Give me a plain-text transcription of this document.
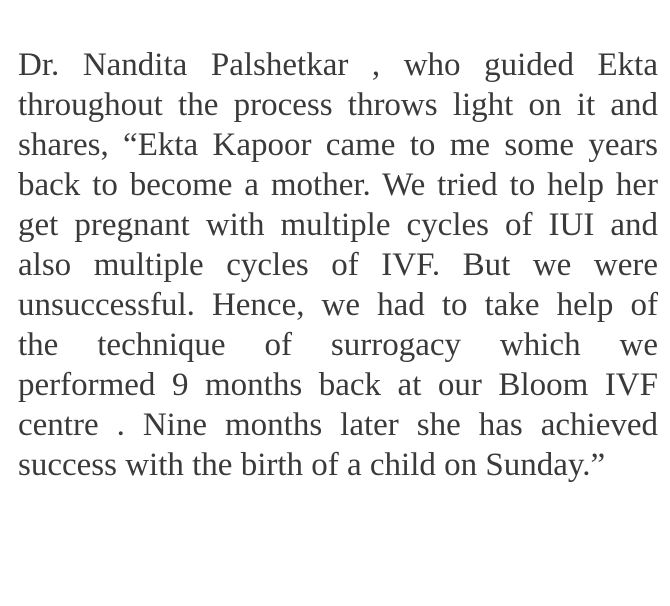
Dr. Nandita Palshetkar , who guided Ekta
throughout the process throws light on it and
shares, “Ekta Kapoor came to me some years
back to become a mother. We tried to help her
get pregnant with multiple cycles of IUI and
also multiple cycles of IVF. But we were
unsuccessful. Hence, we had to take help of
the technique of surrogacy which we
performed 9 months back at our Bloom IVF
centre . Nine months later she has achieved
success with the birth of a child on Sunday.”
